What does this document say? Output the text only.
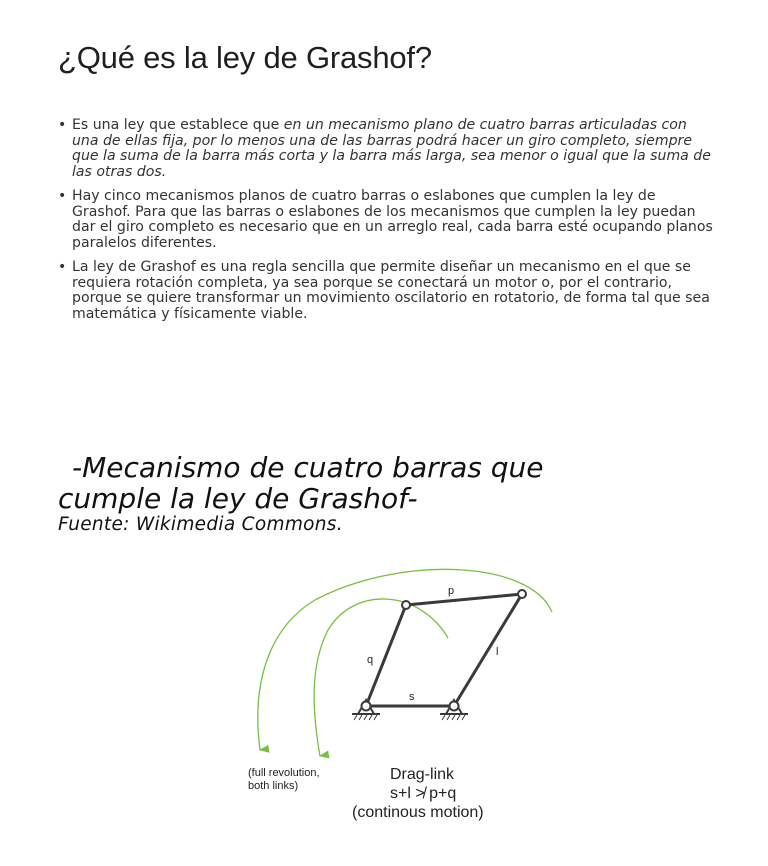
¿Qué es la ley de Grashof?
• Es una ley que establece que en un mecanismo plano de cuatro barras articuladas con una de ellas fija, por lo menos una de las barras podrá hacer un giro completo, siempre que la suma de la barra más corta y la barra más larga, sea menor o igual que la suma de las otras dos.
• Hay cinco mecanismos planos de cuatro barras o eslabones que cumplen la ley de Grashof. Para que las barras o eslabones de los mecanismos que cumplen la ley puedan dar el giro completo es necesario que en un arreglo real, cada barra esté ocupando planos paralelos diferentes.
• La ley de Grashof es una regla sencilla que permite diseñar un mecanismo en el que se requiera rotación completa, ya sea porque se conectará un motor o, por el contrario, porque se quiere transformar un movimiento oscilatorio en rotatorio, de forma tal que sea matemática y físicamente viable.
-Mecanismo de cuatro barras que
cumple la ley de Grashof-
Fuente: Wikimedia Commons.
p
q
l
s
(full revolution,
both links)
Drag-link
s+l ≯ p+q
(continous motion)
